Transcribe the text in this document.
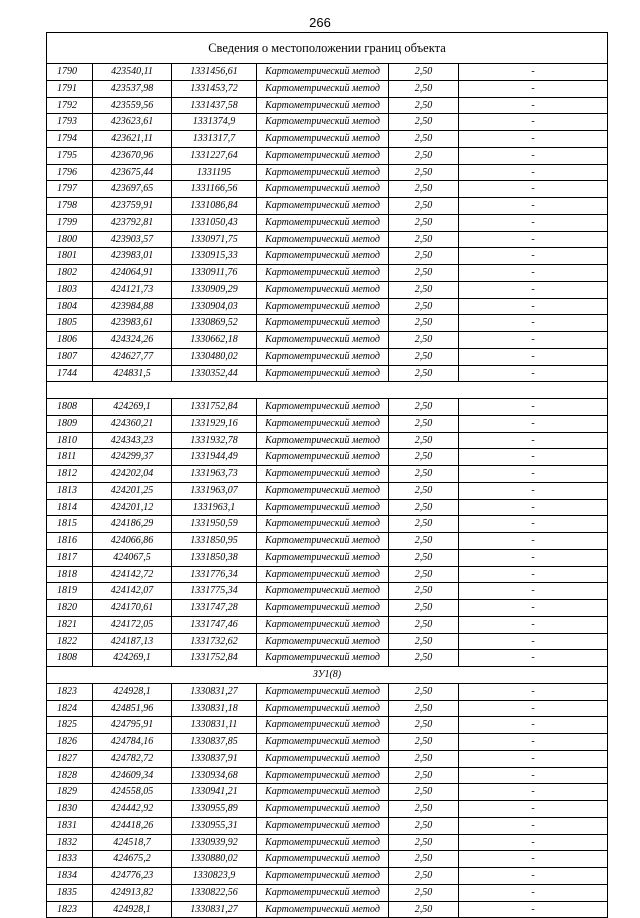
266
Сведения о местоположении границ объекта
1790	423540,11	1331456,61	Картометрический метод	2,50	-
1791	423537,98	1331453,72	Картометрический метод	2,50	-
1792	423559,56	1331437,58	Картометрический метод	2,50	-
1793	423623,61	1331374,9	Картометрический метод	2,50	-
1794	423621,11	1331317,7	Картометрический метод	2,50	-
1795	423670,96	1331227,64	Картометрический метод	2,50	-
1796	423675,44	1331195	Картометрический метод	2,50	-
1797	423697,65	1331166,56	Картометрический метод	2,50	-
1798	423759,91	1331086,84	Картометрический метод	2,50	-
1799	423792,81	1331050,43	Картометрический метод	2,50	-
1800	423903,57	1330971,75	Картометрический метод	2,50	-
1801	423983,01	1330915,33	Картометрический метод	2,50	-
1802	424064,91	1330911,76	Картометрический метод	2,50	-
1803	424121,73	1330909,29	Картометрический метод	2,50	-
1804	423984,88	1330904,03	Картометрический метод	2,50	-
1805	423983,61	1330869,52	Картометрический метод	2,50	-
1806	424324,26	1330662,18	Картометрический метод	2,50	-
1807	424627,77	1330480,02	Картометрический метод	2,50	-
1744	424831,5	1330352,44	Картометрический метод	2,50	-
1808	424269,1	1331752,84	Картометрический метод	2,50	-
1809	424360,21	1331929,16	Картометрический метод	2,50	-
1810	424343,23	1331932,78	Картометрический метод	2,50	-
1811	424299,37	1331944,49	Картометрический метод	2,50	-
1812	424202,04	1331963,73	Картометрический метод	2,50	-
1813	424201,25	1331963,07	Картометрический метод	2,50	-
1814	424201,12	1331963,1	Картометрический метод	2,50	-
1815	424186,29	1331950,59	Картометрический метод	2,50	-
1816	424066,86	1331850,95	Картометрический метод	2,50	-
1817	424067,5	1331850,38	Картометрический метод	2,50	-
1818	424142,72	1331776,34	Картометрический метод	2,50	-
1819	424142,07	1331775,34	Картометрический метод	2,50	-
1820	424170,61	1331747,28	Картометрический метод	2,50	-
1821	424172,05	1331747,46	Картометрический метод	2,50	-
1822	424187,13	1331732,62	Картометрический метод	2,50	-
1808	424269,1	1331752,84	Картометрический метод	2,50	-
ЗУ1(8)
1823	424928,1	1330831,27	Картометрический метод	2,50	-
1824	424851,96	1330831,18	Картометрический метод	2,50	-
1825	424795,91	1330831,11	Картометрический метод	2,50	-
1826	424784,16	1330837,85	Картометрический метод	2,50	-
1827	424782,72	1330837,91	Картометрический метод	2,50	-
1828	424609,34	1330934,68	Картометрический метод	2,50	-
1829	424558,05	1330941,21	Картометрический метод	2,50	-
1830	424442,92	1330955,89	Картометрический метод	2,50	-
1831	424418,26	1330955,31	Картометрический метод	2,50	-
1832	424518,7	1330939,92	Картометрический метод	2,50	-
1833	424675,2	1330880,02	Картометрический метод	2,50	-
1834	424776,23	1330823,9	Картометрический метод	2,50	-
1835	424913,82	1330822,56	Картометрический метод	2,50	-
1823	424928,1	1330831,27	Картометрический метод	2,50	-
